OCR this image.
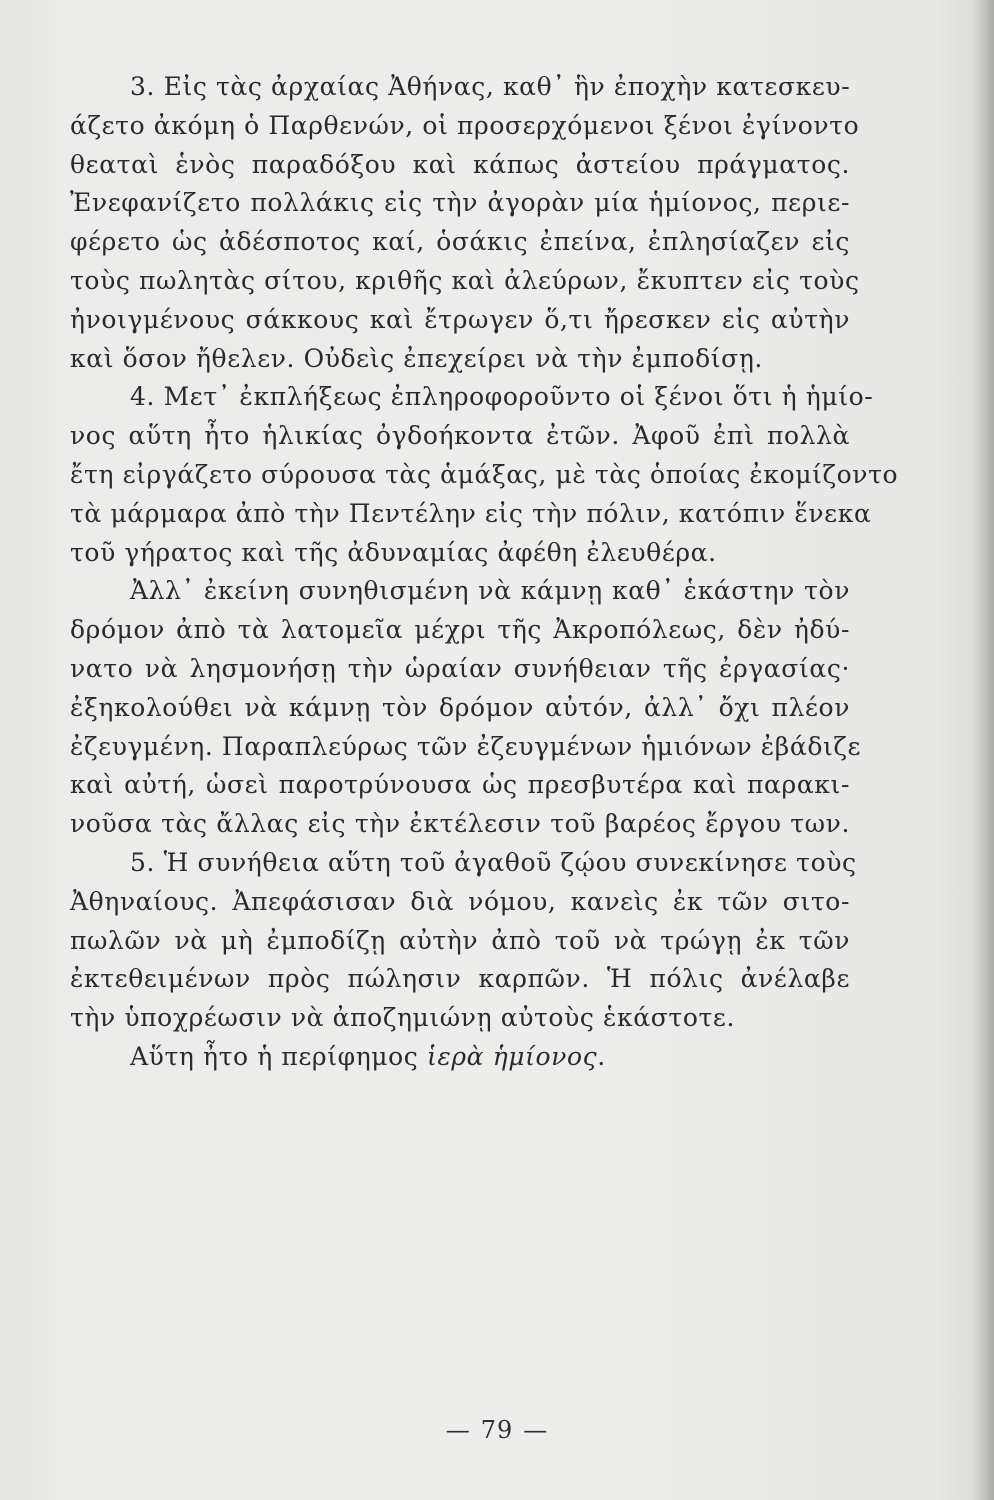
3. Εἰς τὰς ἀρχαίας Ἀθήνας, καθ᾿ ἣν ἐποχὴν κατεσκευ-
άζετο ἀκόμη ὁ Παρθενών, οἱ προσερχόμενοι ξένοι ἐγίνοντο
θεαταὶ ἑνὸς παραδόξου καὶ κάπως ἀστείου πράγματος.
Ἐνεφανίζετο πολλάκις εἰς τὴν ἀγορὰν μία ἡμίονος, περιε-
φέρετο ὡς ἀδέσποτος καί, ὁσάκις ἐπείνα, ἐπλησίαζεν εἰς
τοὺς πωλητὰς σίτου, κριθῆς καὶ ἀλεύρων, ἔκυπτεν εἰς τοὺς
ἠνοιγμένους σάκκους καὶ ἔτρωγεν ὅ,τι ἤρεσκεν εἰς αὐτὴν
καὶ ὅσον ἤθελεν. Οὐδεὶς ἐπεχείρει νὰ τὴν ἐμποδίσῃ.
4. Μετ᾿ ἐκπλήξεως ἐπληροφοροῦντο οἱ ξένοι ὅτι ἡ ἡμίο-
νος αὕτη ἦτο ἡλικίας ὀγδοήκοντα ἐτῶν. Ἀφοῦ ἐπὶ πολλὰ
ἔτη εἰργάζετο σύρουσα τὰς ἁμάξας, μὲ τὰς ὁποίας ἐκομίζοντο
τὰ μάρμαρα ἀπὸ τὴν Πεντέλην εἰς τὴν πόλιν, κατόπιν ἕνεκα
τοῦ γήρατος καὶ τῆς ἀδυναμίας ἀφέθη ἐλευθέρα.
Ἀλλ᾿ ἐκείνη συνηθισμένη νὰ κάμνῃ καθ᾿ ἑκάστην τὸν
δρόμον ἀπὸ τὰ λατομεῖα μέχρι τῆς Ἀκροπόλεως, δὲν ἠδύ-
νατο νὰ λησμονήσῃ τὴν ὡραίαν συνήθειαν τῆς ἐργασίας·
ἐξηκολούθει νὰ κάμνῃ τὸν δρόμον αὐτόν, ἀλλ᾿ ὄχι πλέον
ἐζευγμένη. Παραπλεύρως τῶν ἐζευγμένων ἡμιόνων ἐβάδιζε
καὶ αὐτή, ὡσεὶ παροτρύνουσα ὡς πρεσβυτέρα καὶ παρακι-
νοῦσα τὰς ἄλλας εἰς τὴν ἐκτέλεσιν τοῦ βαρέος ἔργου των.
5. Ἡ συνήθεια αὕτη τοῦ ἀγαθοῦ ζῴου συνεκίνησε τοὺς
Ἀθηναίους. Ἀπεφάσισαν διὰ νόμου, κανεὶς ἐκ τῶν σιτο-
πωλῶν νὰ μὴ ἐμποδίζῃ αὐτὴν ἀπὸ τοῦ νὰ τρώγῃ ἐκ τῶν
ἐκτεθειμένων πρὸς πώλησιν καρπῶν. Ἡ πόλις ἀνέλαβε
τὴν ὑποχρέωσιν νὰ ἀποζημιώνῃ αὐτοὺς ἑκάστοτε.
Αὕτη ἦτο ἡ περίφημος ἱερὰ ἡμίονος.
— 79 —
